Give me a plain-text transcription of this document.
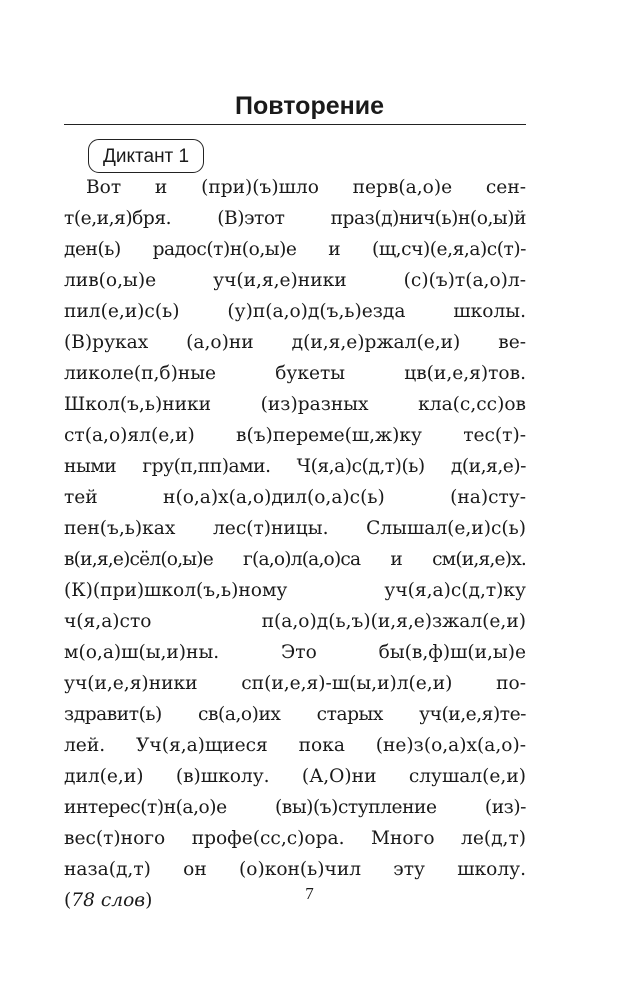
Повторение
Диктант 1
Вот и (при)(ъ)шло перв(а,о)е сен-
т(е,и,я)бря. (В)этот праз(д)нич(ь)н(о,ы)й
ден(ь) радос(т)н(о,ы)е и (щ,сч)(е,я,а)с(т)-
лив(о,ы)е уч(и,я,е)ники (с)(ъ)т(а,о)л-
пил(е,и)с(ь) (у)п(а,о)д(ъ,ь)езда школы.
(В)руках (а,о)ни д(и,я,е)ржал(е,и) ве-
ликоле(п,б)ные букеты цв(и,е,я)тов.
Школ(ъ,ь)ники (из)разных кла(с,сс)ов
ст(а,о)ял(е,и) в(ъ)переме(ш,ж)ку тес(т)-
ными гру(п,пп)ами. Ч(я,а)с(д,т)(ь) д(и,я,е)-
тей н(о,а)х(а,о)дил(о,а)с(ь) (на)сту-
пен(ъ,ь)ках лес(т)ницы. Слышал(е,и)с(ь)
в(и,я,е)сёл(о,ы)е г(а,о)л(а,о)са и см(и,я,е)х.
(К)(при)школ(ъ,ь)ному уч(я,а)с(д,т)ку
ч(я,а)сто п(а,о)д(ь,ъ)(и,я,е)зжал(е,и)
м(о,а)ш(ы,и)ны. Это бы(в,ф)ш(и,ы)е
уч(и,е,я)ники сп(и,е,я)-ш(ы,и)л(е,и) по-
здравит(ь) св(а,о)их старых уч(и,е,я)те-
лей. Уч(я,а)щиеся пока (не)з(о,а)х(а,о)-
дил(е,и) (в)школу. (А,О)ни слушал(е,и)
интерес(т)н(а,о)е (вы)(ъ)ступление (из)-
вес(т)ного профе(сс,с)ора. Много ле(д,т)
наза(д,т) он (о)кон(ь)чил эту школу.
(78 слов)	7
